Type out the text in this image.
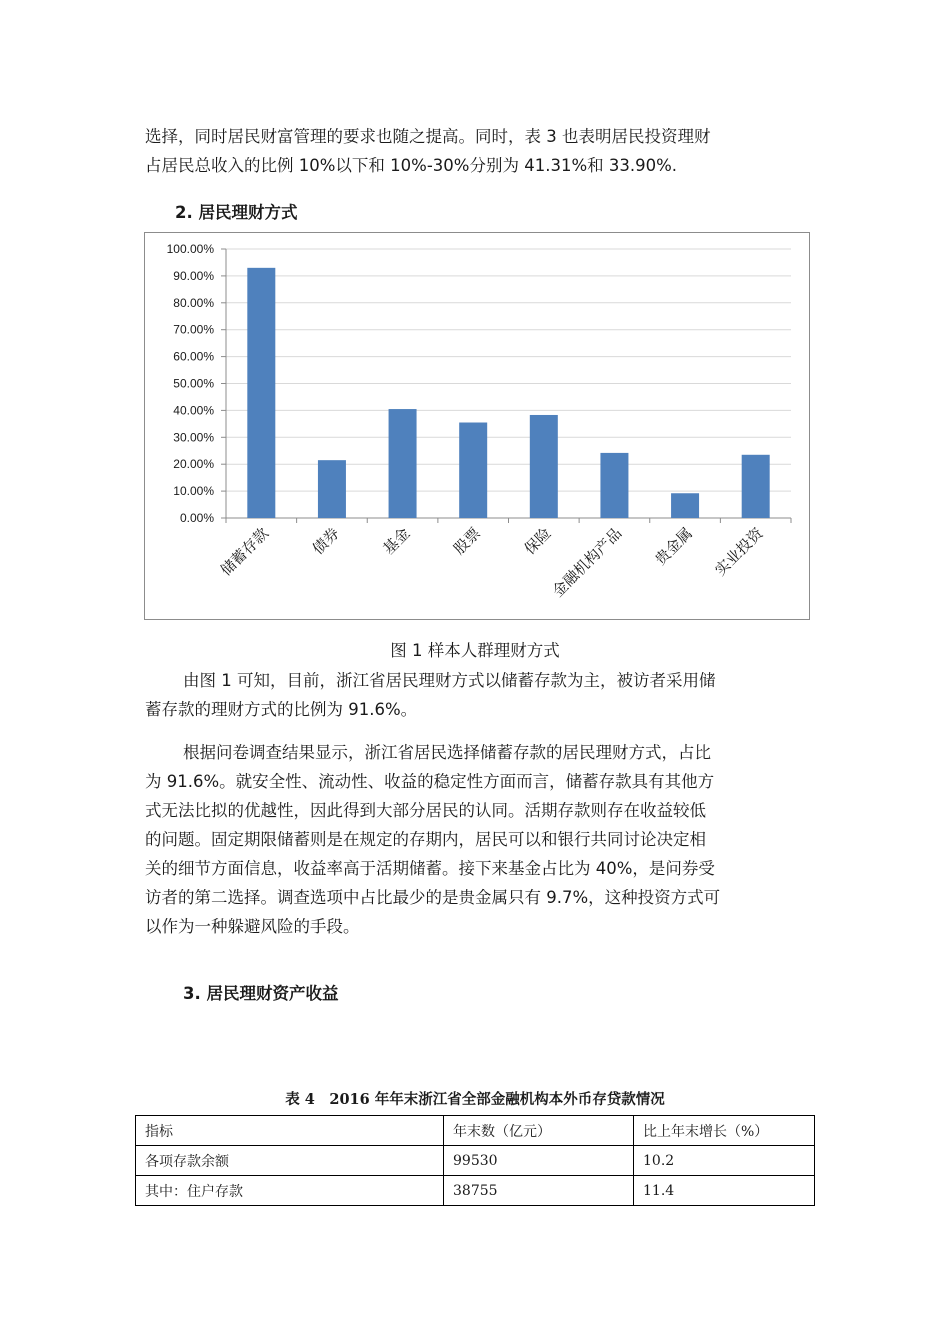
选择，同时居民财富管理的要求也随之提高。同时，表 3 也表明居民投资理财
占居民总收入的比例 10%以下和 10%-30%分别为 41.31%和 33.90%.
2. 居民理财方式
0.00%
10.00%
20.00%
30.00%
40.00%
50.00%
60.00%
70.00%
80.00%
90.00%
100.00%
储蓄存款 债券 基金 股票 保险
金融机构产品 贵金属 实业投资
图 1 样本人群理财方式
由图 1 可知，目前，浙江省居民理财方式以储蓄存款为主，被访者采用储
蓄存款的理财方式的比例为 91.6%。
根据问卷调查结果显示，浙江省居民选择储蓄存款的居民理财方式，占比
为 91.6%。就安全性、流动性、收益的稳定性方面而言，储蓄存款具有其他方
式无法比拟的优越性，因此得到大部分居民的认同。活期存款则存在收益较低
的问题。固定期限储蓄则是在规定的存期内，居民可以和银行共同讨论决定相
关的细节方面信息，收益率高于活期储蓄。接下来基金占比为 40%，是问券受
访者的第二选择。调查选项中占比最少的是贵金属只有 9.7%，这种投资方式可
以作为一种躲避风险的手段。
3. 居民理财资产收益
表 4　2016 年年末浙江省全部金融机构本外币存贷款情况
指标	年末数（亿元）	比上年末增长（%）
各项存款余额	99530	10.2
其中：住户存款	38755	11.4
